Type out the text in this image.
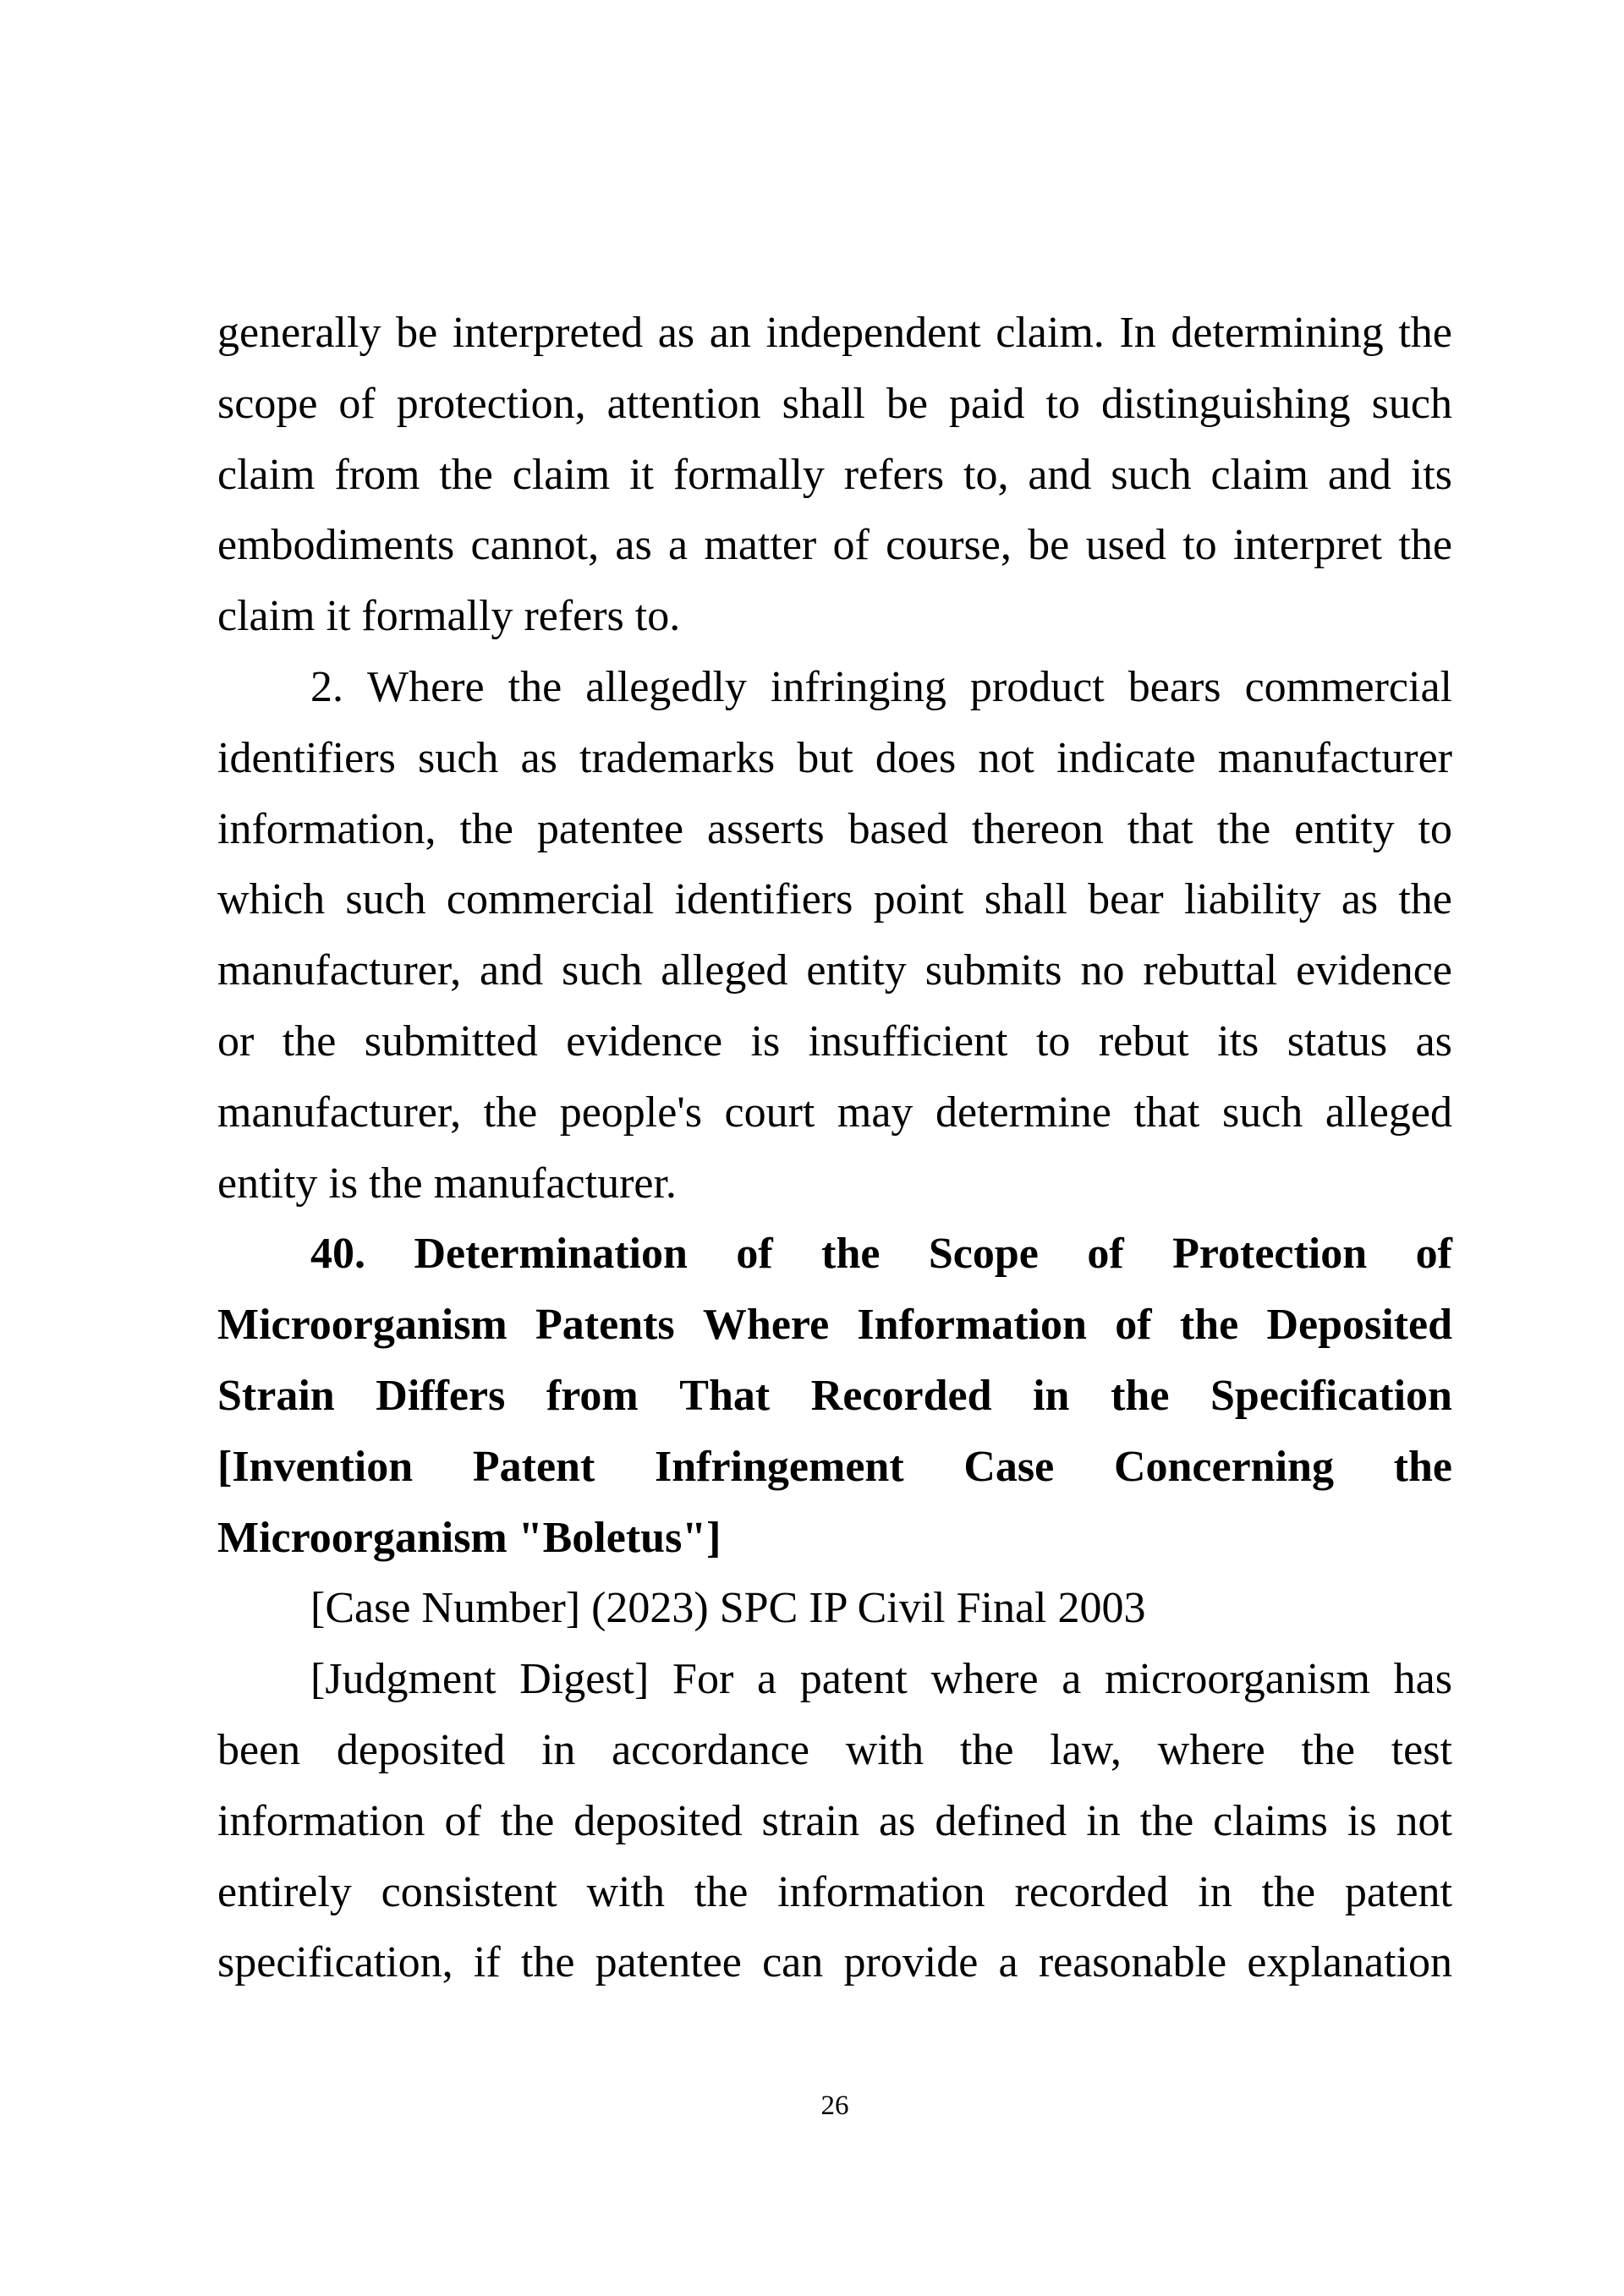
generally be interpreted as an independent claim. In determining the
scope of protection, attention shall be paid to distinguishing such
claim from the claim it formally refers to, and such claim and its
embodiments cannot, as a matter of course, be used to interpret the
claim it formally refers to.
2. Where the allegedly infringing product bears commercial
identifiers such as trademarks but does not indicate manufacturer
information, the patentee asserts based thereon that the entity to
which such commercial identifiers point shall bear liability as the
manufacturer, and such alleged entity submits no rebuttal evidence
or the submitted evidence is insufficient to rebut its status as
manufacturer, the people's court may determine that such alleged
entity is the manufacturer.
40. Determination of the Scope of Protection of
Microorganism Patents Where Information of the Deposited
Strain Differs from That Recorded in the Specification
[Invention Patent Infringement Case Concerning the
Microorganism "Boletus"]
[Case Number] (2023) SPC IP Civil Final 2003
[Judgment Digest] For a patent where a microorganism has
been deposited in accordance with the law, where the test
information of the deposited strain as defined in the claims is not
entirely consistent with the information recorded in the patent
specification, if the patentee can provide a reasonable explanation
26
